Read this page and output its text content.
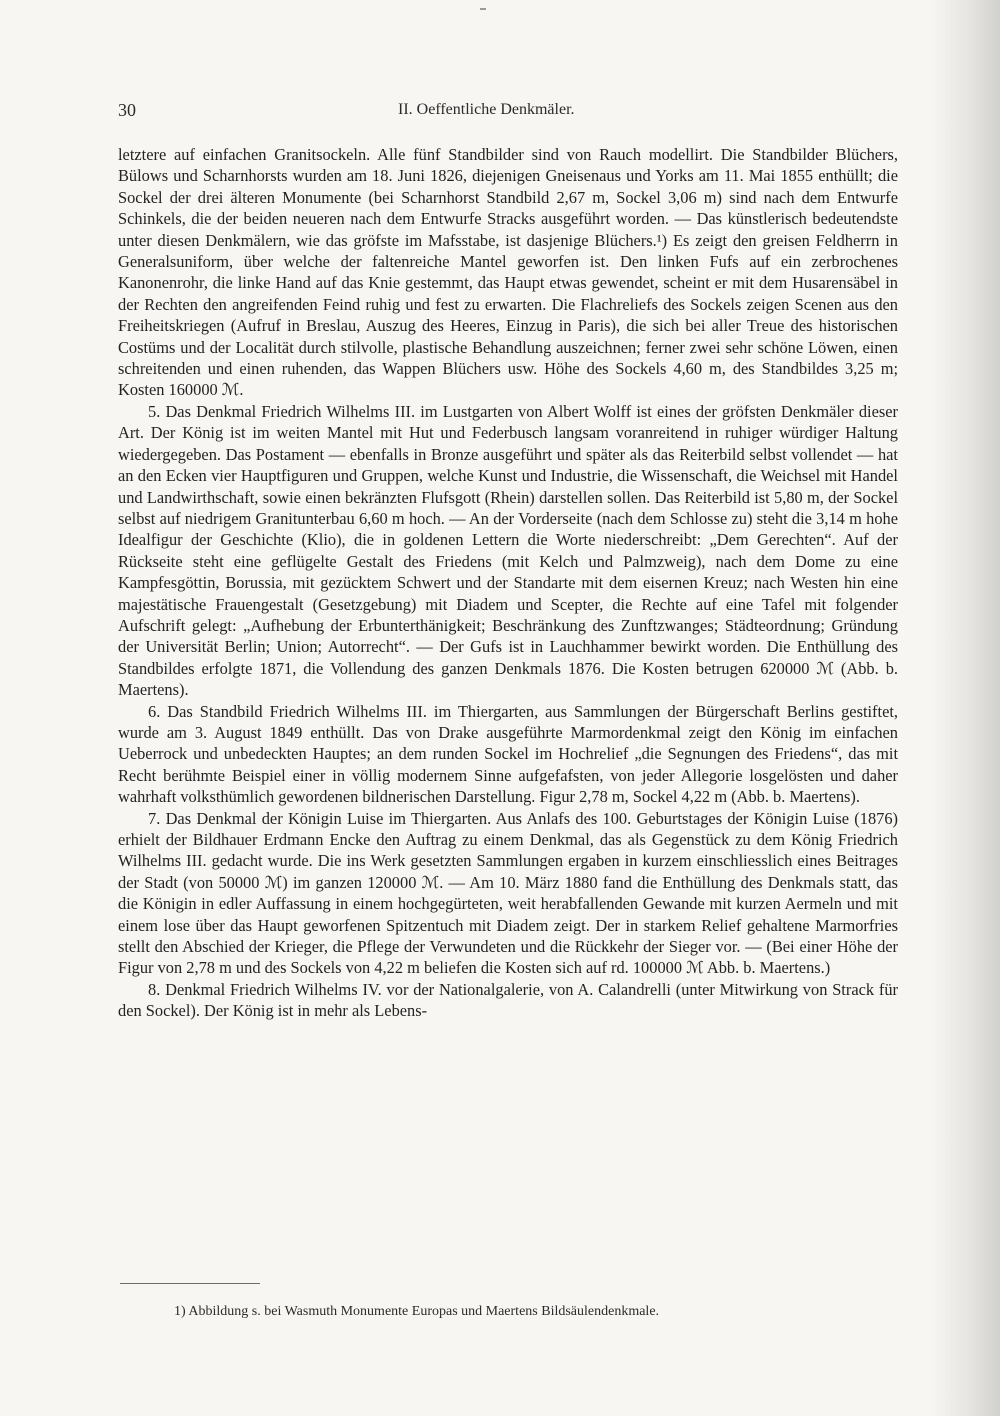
30	II. Oeffentliche Denkmäler.

letztere auf einfachen Granitsockeln. Alle fünf Standbilder sind von Rauch modellirt. Die Standbilder Blüchers, Bülows und Scharnhorsts wurden am 18. Juni 1826, diejenigen Gneisenaus und Yorks am 11. Mai 1855 enthüllt; die Sockel der drei älteren Monumente (bei Scharnhorst Standbild 2,67 m, Sockel 3,06 m) sind nach dem Entwurfe Schinkels, die der beiden neueren nach dem Entwurfe Stracks ausgeführt worden. — Das künstlerisch bedeutendste unter diesen Denkmälern, wie das gröfste im Mafsstabe, ist dasjenige Blüchers.¹) Es zeigt den greisen Feldherrn in Generalsuniform, über welche der faltenreiche Mantel geworfen ist. Den linken Fufs auf ein zerbrochenes Kanonenrohr, die linke Hand auf das Knie gestemmt, das Haupt etwas gewendet, scheint er mit dem Husarensäbel in der Rechten den angreifenden Feind ruhig und fest zu erwarten. Die Flachreliefs des Sockels zeigen Scenen aus den Freiheitskriegen (Aufruf in Breslau, Auszug des Heeres, Einzug in Paris), die sich bei aller Treue des historischen Costüms und der Localität durch stilvolle, plastische Behandlung auszeichnen; ferner zwei sehr schöne Löwen, einen schreitenden und einen ruhenden, das Wappen Blüchers usw. Höhe des Sockels 4,60 m, des Standbildes 3,25 m; Kosten 160000 ℳ.

5. Das Denkmal Friedrich Wilhelms III. im Lustgarten von Albert Wolff ist eines der gröfsten Denkmäler dieser Art. Der König ist im weiten Mantel mit Hut und Federbusch langsam voranreitend in ruhiger würdiger Haltung wiedergegeben. Das Postament — ebenfalls in Bronze ausgeführt und später als das Reiterbild selbst vollendet — hat an den Ecken vier Hauptfiguren und Gruppen, welche Kunst und Industrie, die Wissenschaft, die Weichsel mit Handel und Landwirthschaft, sowie einen bekränzten Flufsgott (Rhein) darstellen sollen. Das Reiterbild ist 5,80 m, der Sockel selbst auf niedrigem Granitunterbau 6,60 m hoch. — An der Vorderseite (nach dem Schlosse zu) steht die 3,14 m hohe Idealfigur der Geschichte (Klio), die in goldenen Lettern die Worte niederschreibt: „Dem Gerechten“. Auf der Rückseite steht eine geflügelte Gestalt des Friedens (mit Kelch und Palmzweig), nach dem Dome zu eine Kampfesgöttin, Borussia, mit gezücktem Schwert und der Standarte mit dem eisernen Kreuz; nach Westen hin eine majestätische Frauengestalt (Gesetzgebung) mit Diadem und Scepter, die Rechte auf eine Tafel mit folgender Aufschrift gelegt: „Aufhebung der Erbunterthänigkeit; Beschränkung des Zunftzwanges; Städteordnung; Gründung der Universität Berlin; Union; Autorrecht“. — Der Gufs ist in Lauchhammer bewirkt worden. Die Enthüllung des Standbildes erfolgte 1871, die Vollendung des ganzen Denkmals 1876. Die Kosten betrugen 620000 ℳ (Abb. b. Maertens).

6. Das Standbild Friedrich Wilhelms III. im Thiergarten, aus Sammlungen der Bürgerschaft Berlins gestiftet, wurde am 3. August 1849 enthüllt. Das von Drake ausgeführte Marmordenkmal zeigt den König im einfachen Ueberrock und unbedeckten Hauptes; an dem runden Sockel im Hochrelief „die Segnungen des Friedens“, das mit Recht berühmte Beispiel einer in völlig modernem Sinne aufgefafsten, von jeder Allegorie losgelösten und daher wahrhaft volksthümlich gewordenen bildnerischen Darstellung. Figur 2,78 m, Sockel 4,22 m (Abb. b. Maertens).

7. Das Denkmal der Königin Luise im Thiergarten. Aus Anlafs des 100. Geburtstages der Königin Luise (1876) erhielt der Bildhauer Erdmann Encke den Auftrag zu einem Denkmal, das als Gegenstück zu dem König Friedrich Wilhelms III. gedacht wurde. Die ins Werk gesetzten Sammlungen ergaben in kurzem einschliesslich eines Beitrages der Stadt (von 50000 ℳ) im ganzen 120000 ℳ. — Am 10. März 1880 fand die Enthüllung des Denkmals statt, das die Königin in edler Auffassung in einem hochgegürteten, weit herabfallenden Gewande mit kurzen Aermeln und mit einem lose über das Haupt geworfenen Spitzentuch mit Diadem zeigt. Der in starkem Relief gehaltene Marmorfries stellt den Abschied der Krieger, die Pflege der Verwundeten und die Rückkehr der Sieger vor. — (Bei einer Höhe der Figur von 2,78 m und des Sockels von 4,22 m beliefen die Kosten sich auf rd. 100000 ℳ Abb. b. Maertens.)

8. Denkmal Friedrich Wilhelms IV. vor der Nationalgalerie, von A. Calandrelli (unter Mitwirkung von Strack für den Sockel). Der König ist in mehr als Lebens-

1) Abbildung s. bei Wasmuth Monumente Europas und Maertens Bildsäulendenkmale.
